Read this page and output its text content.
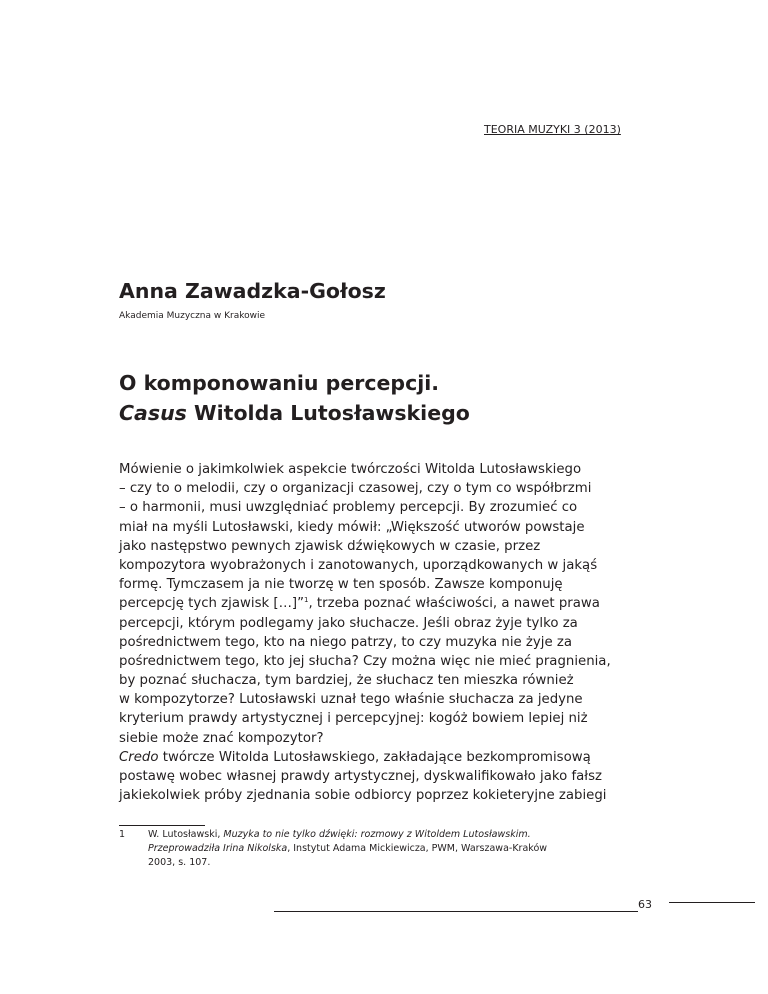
TEORIA MUZYKI 3 (2013)
Anna Zawadzka-Gołosz
Akademia Muzyczna w Krakowie
O komponowaniu percepcji.
Casus Witolda Lutosławskiego
Mówienie o jakimkolwiek aspekcie twórczości Witolda Lutosławskiego
– czy to o melodii, czy o organizacji czasowej, czy o tym co współbrzmi
– o harmonii, musi uwzględniać problemy percepcji. By zrozumieć co
miał na myśli Lutosławski, kiedy mówił: „Większość utworów powstaje
jako następstwo pewnych zjawisk dźwiękowych w czasie, przez
kompozytora wyobrażonych i zanotowanych, uporządkowanych w jakąś
formę. Tymczasem ja nie tworzę w ten sposób. Zawsze komponuję
percepcję tych zjawisk […]”$^1$, trzeba poznać właściwości, a nawet prawa
percepcji, którym podlegamy jako słuchacze. Jeśli obraz żyje tylko za
pośrednictwem tego, kto na niego patrzy, to czy muzyka nie żyje za
pośrednictwem tego, kto jej słucha? Czy można więc nie mieć pragnienia,
by poznać słuchacza, tym bardziej, że słuchacz ten mieszka również
w kompozytorze? Lutosławski uznał tego właśnie słuchacza za jedyne
kryterium prawdy artystycznej i percepcyjnej: kogóż bowiem lepiej niż
siebie może znać kompozytor?
Credo twórcze Witolda Lutosławskiego, zakładające bezkompromisową
postawę wobec własnej prawdy artystycznej, dyskwalifikowało jako fałsz
jakiekolwiek próby zjednania sobie odbiorcy poprzez kokieteryjne zabiegi
1 W. Lutosławski, Muzyka to nie tylko dźwięki: rozmowy z Witoldem Lutosławskim.
Przeprowadziła Irina Nikolska, Instytut Adama Mickiewicza, PWM, Warszawa-Kraków
2003, s. 107.
63
